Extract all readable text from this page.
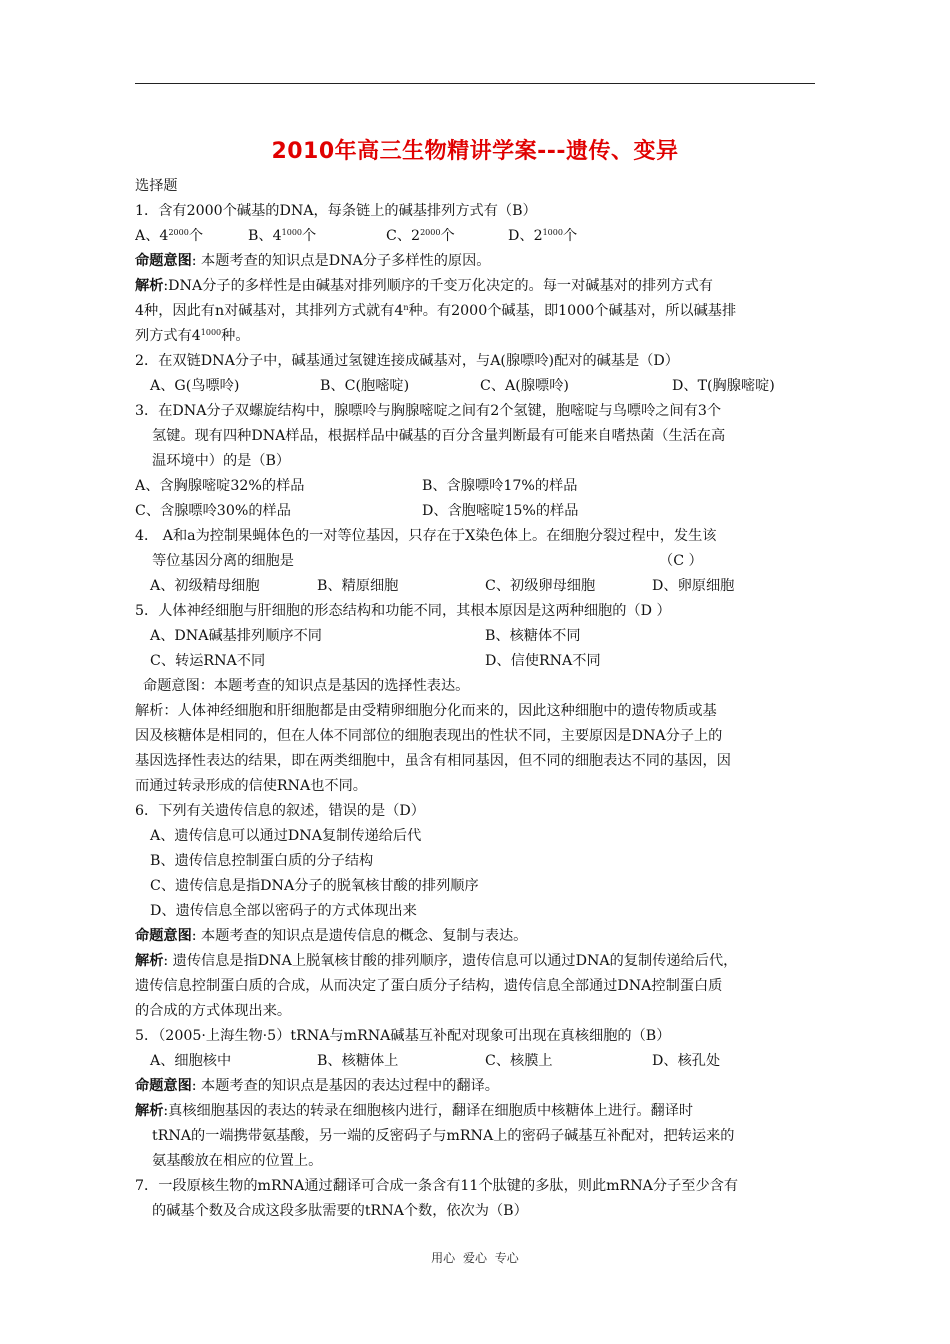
2010年高三生物精讲学案---遗传、变异
选择题
1．含有2000个碱基的DNA，每条链上的碱基排列方式有（B）
A、$4^{2000}$个	B、$4^{1000}$个	C、$2^{2000}$个	D、$2^{1000}$个
命题意图: 本题考查的知识点是DNA分子多样性的原因。
解析:DNA分子的多样性是由碱基对排列顺序的千变万化决定的。每一对碱基对的排列方式有
4种，因此有n对碱基对，其排列方式就有4$^n$种。有2000个碱基，即1000个碱基对，所以碱基排
列方式有$4^{1000}$种。
2．在双链DNA分子中，碱基通过氢键连接成碱基对，与A(腺嘌呤)配对的碱基是（D）
A、G(鸟嘌呤)	B、C(胞嘧啶)	C、A(腺嘌呤)	D、T(胸腺嘧啶)
3．在DNA分子双螺旋结构中，腺嘌呤与胸腺嘧啶之间有2个氢键，胞嘧啶与鸟嘌呤之间有3个
氢键。现有四种DNA样品，根据样品中碱基的百分含量判断最有可能来自嗜热菌（生活在高
温环境中）的是（B）
A、含胸腺嘧啶32%的样品	B、含腺嘌呤17%的样品
C、含腺嘌呤30%的样品	D、含胞嘧啶15%的样品
4． A和a为控制果蝇体色的一对等位基因，只存在于X染色体上。在细胞分裂过程中，发生该
等位基因分离的细胞是	（C ）
A、初级精母细胞	B、精原细胞	C、初级卵母细胞	D、卵原细胞
5．人体神经细胞与肝细胞的形态结构和功能不同，其根本原因是这两种细胞的（D ）
A、DNA碱基排列顺序不同	B、核糖体不同
C、转运RNA不同	D、信使RNA不同
命题意图：本题考查的知识点是基因的选择性表达。
解析：人体神经细胞和肝细胞都是由受精卵细胞分化而来的，因此这种细胞中的遗传物质或基
因及核糖体是相同的，但在人体不同部位的细胞表现出的性状不同，主要原因是DNA分子上的
基因选择性表达的结果，即在两类细胞中，虽含有相同基因，但不同的细胞表达不同的基因，因
而通过转录形成的信使RNA也不同。
6．下列有关遗传信息的叙述，错误的是（D）
A、遗传信息可以通过DNA复制传递给后代
B、遗传信息控制蛋白质的分子结构
C、遗传信息是指DNA分子的脱氧核甘酸的排列顺序
D、遗传信息全部以密码子的方式体现出来
命题意图: 本题考查的知识点是遗传信息的概念、复制与表达。
解析: 遗传信息是指DNA上脱氧核甘酸的排列顺序，遗传信息可以通过DNA的复制传递给后代，
遗传信息控制蛋白质的合成，从而决定了蛋白质分子结构，遗传信息全部通过DNA控制蛋白质
的合成的方式体现出来。
5．（2005·上海生物·5）tRNA与mRNA碱基互补配对现象可出现在真核细胞的（B）
A、细胞核中	B、核糖体上	C、核膜上	D、核孔处
命题意图: 本题考查的知识点是基因的表达过程中的翻译。
解析:真核细胞基因的表达的转录在细胞核内进行，翻译在细胞质中核糖体上进行。翻译时
tRNA的一端携带氨基酸，另一端的反密码子与mRNA上的密码子碱基互补配对，把转运来的
氨基酸放在相应的位置上。
7．一段原核生物的mRNA通过翻译可合成一条含有11个肽键的多肽，则此mRNA分子至少含有
的碱基个数及合成这段多肽需要的tRNA个数，依次为（B）
用心 爱心 专心
